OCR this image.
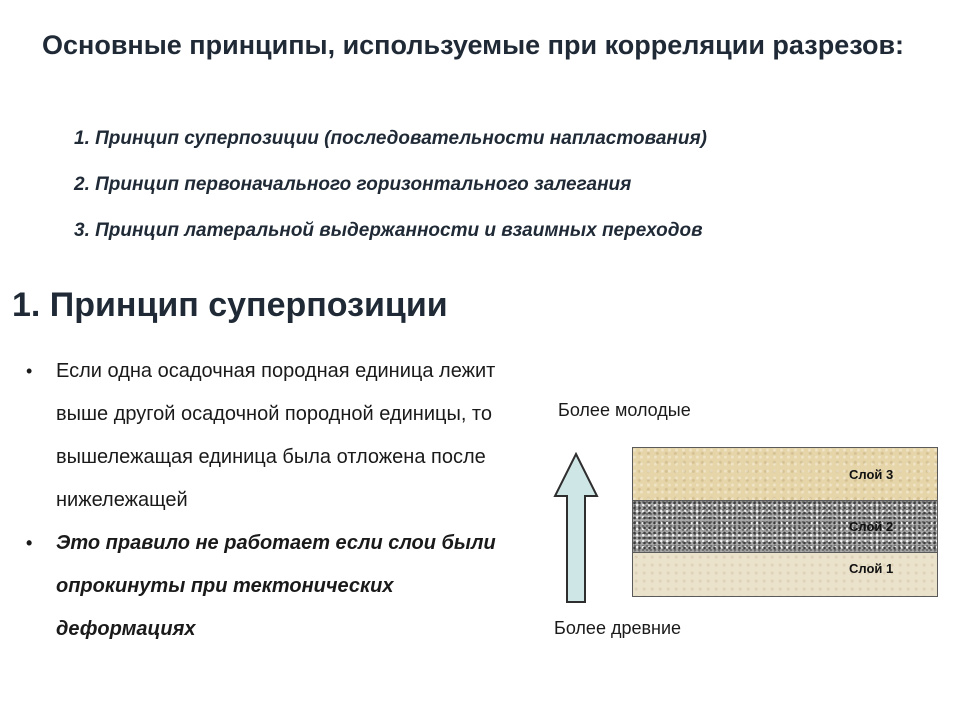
Основные принципы, используемые при корреляции разрезов:
1. Принцип суперпозиции (последовательности напластования)
2. Принцип первоначального горизонтального залегания
3. Принцип латеральной выдержанности и взаимных переходов
1. Принцип суперпозиции
• Если одна осадочная породная единица лежит выше другой осадочной породной единицы, то вышележащая единица была отложена после нижележащей
• Это правило не работает если слои были опрокинуты при тектонических деформациях
Более молодые
Слой 3
Слой 2
Слой 1
Более древние
